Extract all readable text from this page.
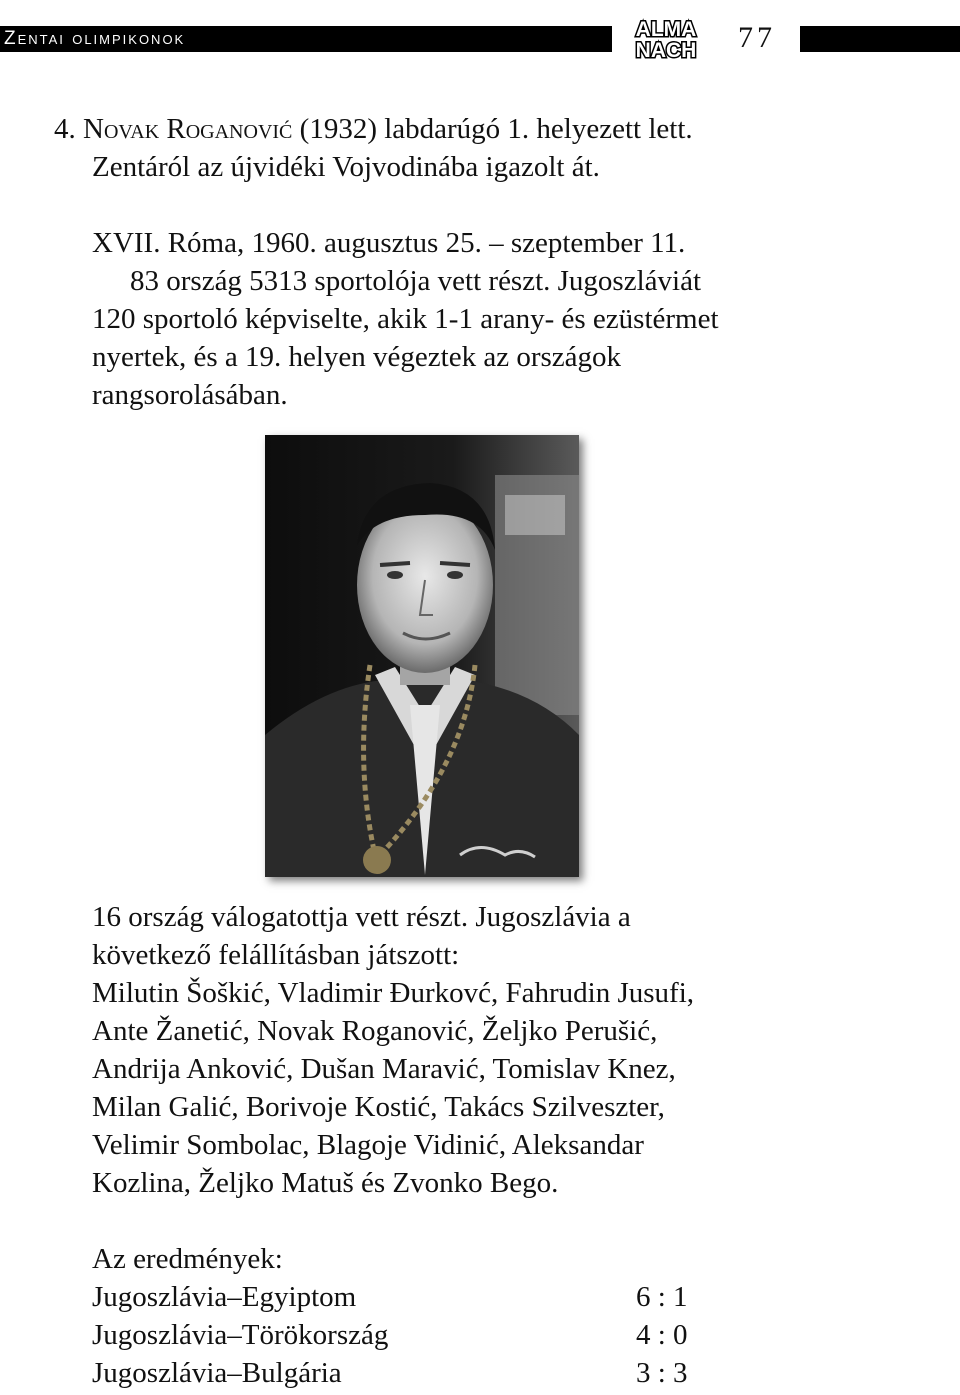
Zentai olimpikonok	ALMA
NACH 77

4. Novak Roganović (1932) labdarúgó 1. helyezett lett.

Zentáról az újvidéki Vojvodinába igazolt át.

XVII. Róma, 1960. augusztus 25. – szeptember 11.

83 ország 5313 sportolója vett részt. Jugoszláviát

120 sportoló képviselte, akik 1-1 arany- és ezüstérmet

nyertek, és a 19. helyen végeztek az országok

rangsorolásában.

16 ország válogatottja vett részt. Jugoszlávia a

következő felállításban játszott:

Milutin Šoškić, Vladimir Đurkovć, Fahrudin Jusufi,

Ante Žanetić, Novak Roganović, Željko Perušić,

Andrija Anković, Dušan Maravić, Tomislav Knez,

Milan Galić, Borivoje Kostić, Takács Szilveszter,

Velimir Sombolac, Blagoje Vidinić, Aleksandar

Kozlina, Željko Matuš és Zvonko Bego.

Az eredmények:
Jugoszlávia–Egyiptom	6 : 1
Jugoszlávia–Törökország	4 : 0
Jugoszlávia–Bulgária	3 : 3
